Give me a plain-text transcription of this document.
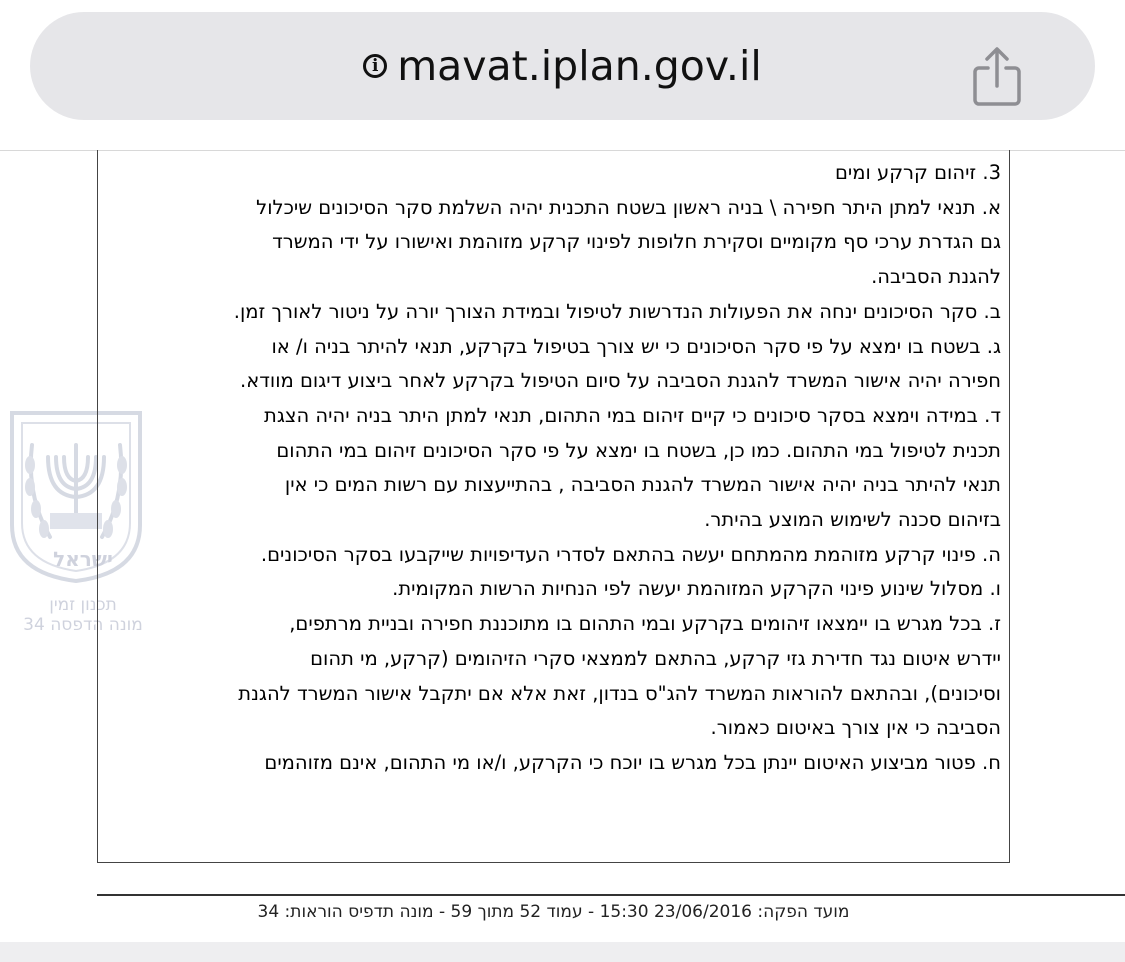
i mavat.iplan.gov.il
ישראל
תכנון זמין
מונה הדפסה 34
3. זיהום קרקע ומים
א. תנאי למתן היתר חפירה \ בניה ראשון בשטח התכנית יהיה השלמת סקר הסיכונים שיכלול
גם הגדרת ערכי סף מקומיים וסקירת חלופות לפינוי קרקע מזוהמת ואישורו על ידי המשרד
להגנת הסביבה.
ב. סקר הסיכונים ינחה את הפעולות הנדרשות לטיפול ובמידת הצורך יורה על ניטור לאורך זמן.
ג. בשטח בו ימצא על פי סקר הסיכונים כי יש צורך בטיפול בקרקע, תנאי להיתר בניה ו/ או
חפירה יהיה אישור המשרד להגנת הסביבה על סיום הטיפול בקרקע לאחר ביצוע דיגום מוודא.
ד. במידה וימצא בסקר סיכונים כי קיים זיהום במי התהום, תנאי למתן היתר בניה יהיה הצגת
תכנית לטיפול במי התהום. כמו כן, בשטח בו ימצא על פי סקר הסיכונים זיהום במי התהום
תנאי להיתר בניה יהיה אישור המשרד להגנת הסביבה , בהתייעצות עם רשות המים כי אין
בזיהום סכנה לשימוש המוצע בהיתר.
ה. פינוי קרקע מזוהמת מהמתחם יעשה בהתאם לסדרי העדיפויות שייקבעו בסקר הסיכונים.
ו. מסלול שינוע פינוי הקרקע המזוהמת יעשה לפי הנחיות הרשות המקומית.
ז. בכל מגרש בו יימצאו זיהומים בקרקע ובמי התהום בו מתוכננת חפירה ובניית מרתפים,
יידרש איטום נגד חדירת גזי קרקע, בהתאם לממצאי סקרי הזיהומים (קרקע, מי תהום
וסיכונים), ובהתאם להוראות המשרד להג"ס בנדון, זאת אלא אם יתקבל אישור המשרד להגנת
הסביבה כי אין צורך באיטום כאמור.
ח. פטור מביצוע האיטום יינתן בכל מגרש בו יוכח כי הקרקע, ו/או מי התהום, אינם מזוהמים
מועד הפקה: 23/06/2016 15:30 - עמוד 52 מתוך 59 - מונה תדפיס הוראות: 34
